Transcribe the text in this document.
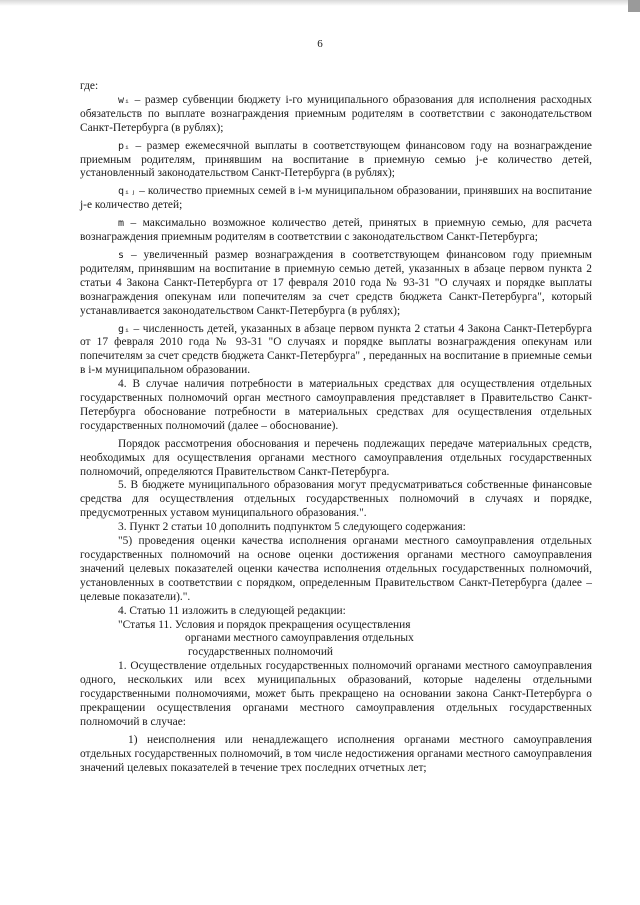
6

где:

wᵢ – размер субвенции бюджету i-го муниципального образования для исполнения расходных обязательств по выплате вознаграждения приемным родителям в соответствии с законодательством Санкт-Петербурга (в рублях);

pᵢ – размер ежемесячной выплаты в соответствующем финансовом году на вознаграждение приемным родителям, принявшим на воспитание в приемную семью j-е количество детей, установленный законодательством Санкт-Петербурга (в рублях);

qᵢⱼ – количество приемных семей в i-м муниципальном образовании, принявших на воспитание j-е количество детей;

m – максимально возможное количество детей, принятых в приемную семью, для расчета вознаграждения приемным родителям в соответствии с законодательством Санкт-Петербурга;

s – увеличенный размер вознаграждения в соответствующем финансовом году приемным родителям, принявшим на воспитание в приемную семью детей, указанных в абзаце первом пункта 2 статьи 4 Закона Санкт-Петербурга от 17 февраля 2010 года № 93-31 "О случаях и порядке выплаты вознаграждения опекунам или попечителям за счет средств бюджета Санкт-Петербурга", который устанавливается законодательством Санкт-Петербурга (в рублях);

gᵢ – численность детей, указанных в абзаце первом пункта 2 статьи 4 Закона Санкт-Петербурга от 17 февраля 2010 года № 93-31 "О случаях и порядке выплаты вознаграждения опекунам или попечителям за счет средств бюджета Санкт-Петербурга" , переданных на воспитание в приемные семьи в i-м муниципальном образовании.

4. В случае наличия потребности в материальных средствах для осуществления отдельных государственных полномочий орган местного самоуправления представляет в Правительство Санкт-Петербурга обоснование потребности в материальных средствах для осуществления отдельных государственных полномочий (далее – обоснование).

Порядок рассмотрения обоснования и перечень подлежащих передаче материальных средств, необходимых для осуществления органами местного самоуправления отдельных государственных полномочий, определяются Правительством Санкт-Петербурга.

5. В бюджете муниципального образования могут предусматриваться собственные финансовые средства для осуществления отдельных государственных полномочий в случаях и порядке, предусмотренных уставом муниципального образования.".

3. Пункт 2 статьи 10 дополнить подпунктом 5 следующего содержания:

"5) проведения оценки качества исполнения органами местного самоуправления отдельных государственных полномочий на основе оценки достижения органами местного самоуправления значений целевых показателей оценки качества исполнения отдельных государственных полномочий, установленных в соответствии с порядком, определенным Правительством Санкт-Петербурга (далее – целевые показатели).".

4. Статью 11 изложить в следующей редакции:

"Статья 11. Условия и порядок прекращения осуществления

органами местного самоуправления отдельных

государственных полномочий

1. Осуществление отдельных государственных полномочий органами местного самоуправления одного, нескольких или всех муниципальных образований, которые наделены отдельными государственными полномочиями, может быть прекращено на основании закона Санкт-Петербурга о прекращении осуществления органами местного самоуправления отдельных государственных полномочий в случае:

1) неисполнения или ненадлежащего исполнения органами местного самоуправления отдельных государственных полномочий, в том числе недостижения органами местного самоуправления значений целевых показателей в течение трех последних отчетных лет;
